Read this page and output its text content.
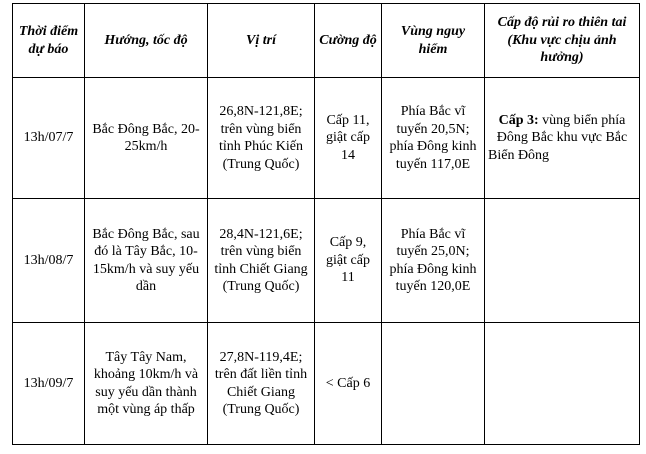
Thời điểm dự báo	Hướng, tốc độ	Vị trí	Cường độ	Vùng nguy hiểm	Cấp độ rủi ro thiên tai (Khu vực chịu ảnh hưởng)
13h/07/7	Bắc Đông Bắc, 20-25km/h	26,8N-121,8E; trên vùng biển tỉnh Phúc Kiến (Trung Quốc)	Cấp 11, giật cấp 14	Phía Bắc vĩ tuyến 20,5N; phía Đông kinh tuyến 117,0E	Cấp 3: vùng biển phía Đông Bắc khu vực Bắc Biển Đông
13h/08/7	Bắc Đông Bắc, sau đó là Tây Bắc, 10-15km/h và suy yếu dần	28,4N-121,6E; trên vùng biển tỉnh Chiết Giang (Trung Quốc)	Cấp 9, giật cấp 11	Phía Bắc vĩ tuyến 25,0N; phía Đông kinh tuyến 120,0E	
13h/09/7	Tây Tây Nam, khoảng 10km/h và suy yếu dần thành một vùng áp thấp	27,8N-119,4E; trên đất liền tỉnh Chiết Giang (Trung Quốc)	< Cấp 6		
